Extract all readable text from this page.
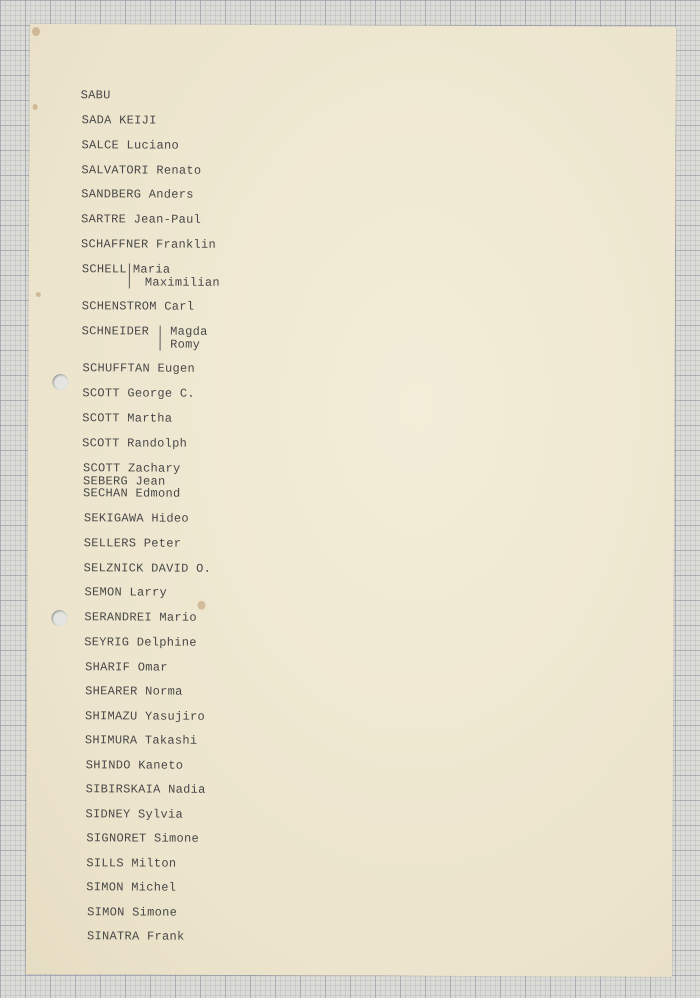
SABU
SADA KEIJI
SALCE Luciano
SALVATORI Renato
SANDBERG Anders
SARTRE Jean-Paul
SCHAFFNER Franklin
SCHELL Maria
Maximilian
SCHENSTROM Carl
SCHNEIDER Magda
Romy
SCHUFFTAN Eugen
SCOTT George C.
SCOTT Martha
SCOTT Randolph
SCOTT Zachary
SEBERG Jean
SECHAN Edmond
SEKIGAWA Hideo
SELLERS Peter
SELZNICK DAVID O.
SEMON Larry
SERANDREI Mario
SEYRIG Delphine
SHARIF Omar
SHEARER Norma
SHIMAZU Yasujiro
SHIMURA Takashi
SHINDO Kaneto
SIBIRSKAIA Nadia
SIDNEY Sylvia
SIGNORET Simone
SILLS Milton
SIMON Michel
SIMON Simone
SINATRA Frank
